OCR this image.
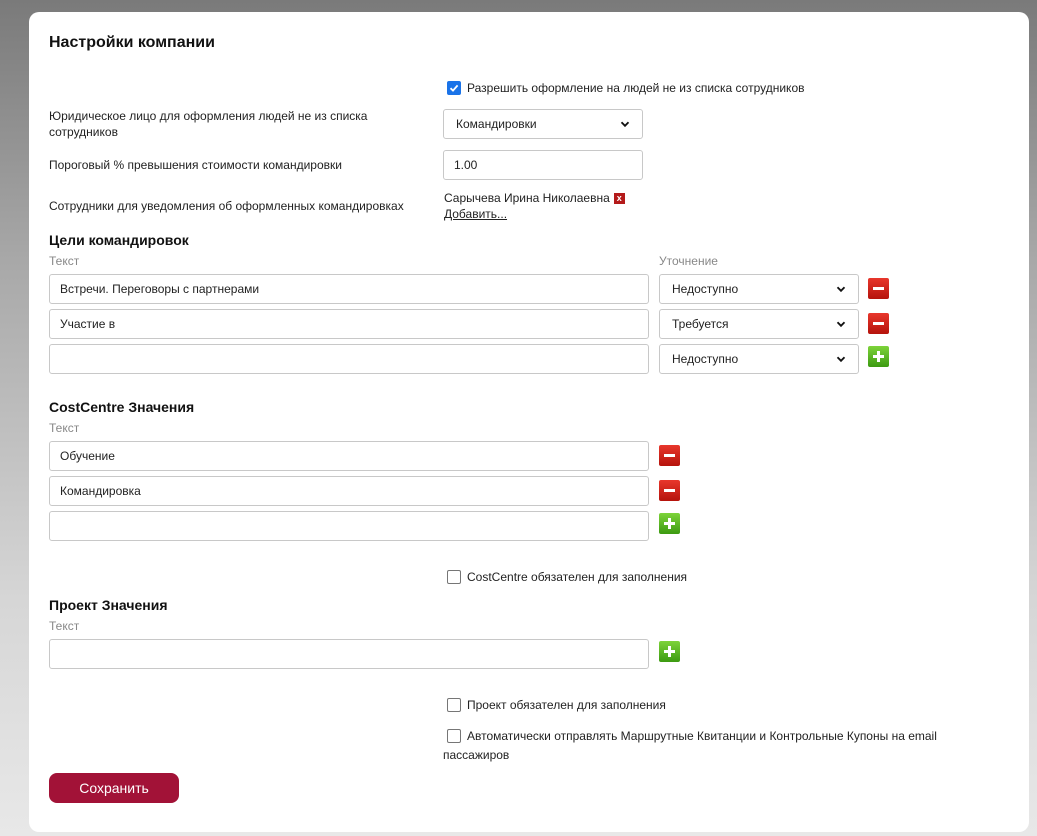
Настройки компании
Разрешить оформление на людей не из списка сотрудников
Юридическое лицо для оформления людей не из списка сотрудников
Командировки
Пороговый % превышения стоимости командировки
1.00
Сотрудники для уведомления об оформленных командировках
Сарычева Ирина Николаевна x
Добавить...
Цели командировок
Текст	Уточнение
Встречи. Переговоры с партнерами
Недоступно
Участие в
Требуется
Недоступно
CostCentre Значения
Текст
Обучение
Командировка
CostCentre обязателен для заполнения
Проект Значения
Текст
Проект обязателен для заполнения
Автоматически отправлять Маршрутные Квитанции и Контрольные Купоны на email
пассажиров
Сохранить
